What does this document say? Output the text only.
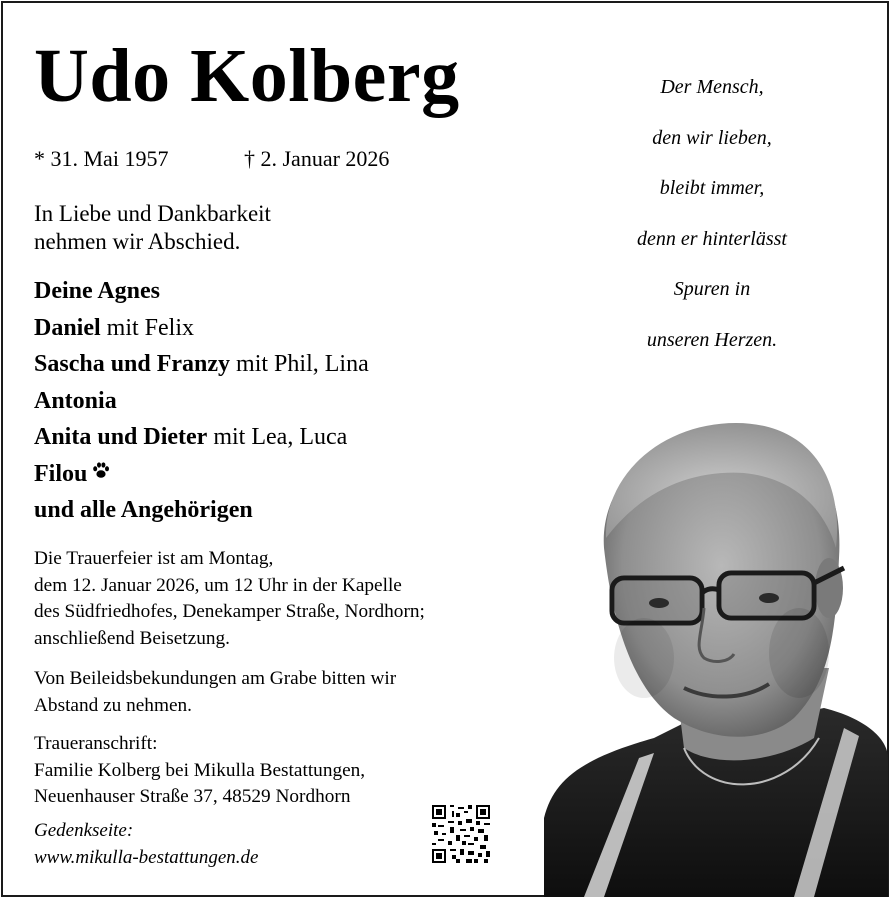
Udo Kolberg
* 31. Mai 1957	† 2. Januar 2026
In Liebe und Dankbarkeit
nehmen wir Abschied.
Deine Agnes
Daniel mit Felix
Sascha und Franzy mit Phil, Lina
Antonia
Anita und Dieter mit Lea, Luca
Filou
und alle Angehörigen
Die Trauerfeier ist am Montag,
dem 12. Januar 2026, um 12 Uhr in der Kapelle
des Südfriedhofes, Denekamper Straße, Nordhorn;
anschließend Beisetzung.
Von Beileidsbekundungen am Grabe bitten wir
Abstand zu nehmen.
Traueranschrift:
Familie Kolberg bei Mikulla Bestattungen,
Neuenhauser Straße 37, 48529 Nordhorn
Gedenkseite:
www.mikulla-bestattungen.de
Der Mensch,
den wir lieben,
bleibt immer,
denn er hinterlässt
Spuren in
unseren Herzen.
